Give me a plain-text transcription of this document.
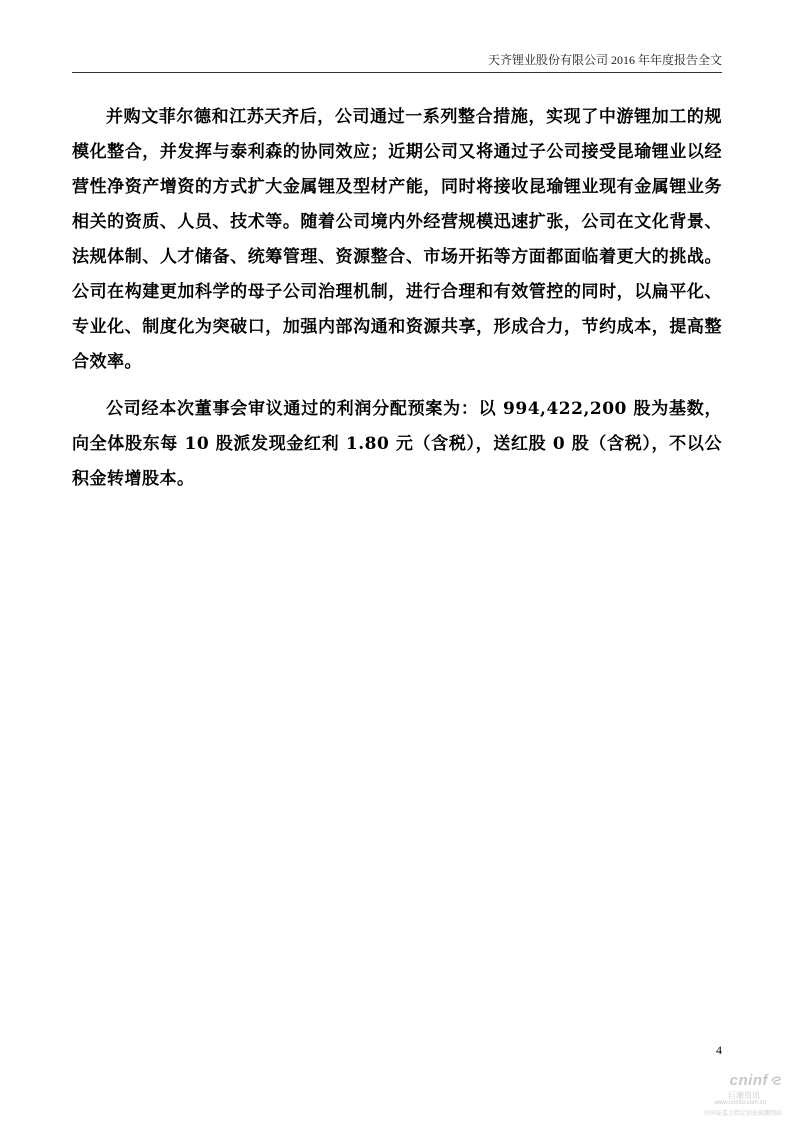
天齐锂业股份有限公司 2016 年年度报告全文

并购文菲尔德和江苏天齐后，公司通过一系列整合措施，实现了中游锂加工的规模化整合，并发挥与泰利森的协同效应；近期公司又将通过子公司接受昆瑜锂业以经营性净资产增资的方式扩大金属锂及型材产能，同时将接收昆瑜锂业现有金属锂业务相关的资质、人员、技术等。随着公司境内外经营规模迅速扩张，公司在文化背景、法规体制、人才储备、统筹管理、资源整合、市场开拓等方面都面临着更大的挑战。公司在构建更加科学的母子公司治理机制，进行合理和有效管控的同时，以扁平化、专业化、制度化为突破口，加强内部沟通和资源共享，形成合力，节约成本，提高整合效率。

公司经本次董事会审议通过的利润分配预案为：以 994,422,200 股为基数，向全体股东每 10 股派发现金红利 1.80 元（含税），送红股 0 股（含税），不以公积金转增股本。

4
cninf
巨潮资讯
www.cninfo.com.cn
中国证监会指定信息披露网站
